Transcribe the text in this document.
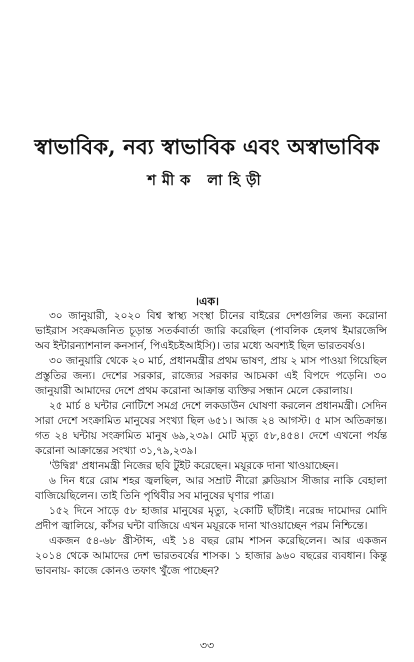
স্বাভাবিক, নব্য স্বাভাবিক এবং অস্বাভাবিক
শমীক লাহিড়ী
।এক।
৩০ জানুয়ারী, ২০২০ বিশ্ব স্বাস্থ্য সংস্থা চীনের বাইরের দেশগুলির জন্য করোনা
ভাইরাস সংক্রমজনিত চূড়ান্ত সতর্কবার্তা জারি করেছিল (পাবলিক হেলথ ইমারজেন্সি
অব ইন্টারন্যাশনাল কনসার্ন, পিএইচইআইসি)। তার মধ্যে অবশ্যই ছিল ভারতবর্ষও।
৩০ জানুয়ারি থেকে ২০ মার্চ, প্রধানমন্ত্রীর প্রথম ভাষণ, প্রায় ২ মাস পাওয়া গিয়েছিল
প্রস্তুতির জন্য। দেশের সরকার, রাজ্যের সরকার আচমকা এই বিপদে পড়েনি। ৩০
জানুয়ারী আমাদের দেশে প্রথম করোনা আক্রান্ত ব্যক্তির সন্ধান মেলে কেরালায়।
২৫ মার্চ ৪ ঘন্টার নোটিশে সমগ্র দেশে লকডাউন ঘোষণা করলেন প্রধানমন্ত্রী। সেদিন
সারা দেশে সংক্রামিত মানুষের সংখ্যা ছিল ৬৫১। আজ ২৪ আগস্ট। ৫ মাস অতিক্রান্ত।
গত ২৪ ঘন্টায় সংক্রামিত মানুষ ৬৯,২৩৯। মোট মৃত্যু ৫৮,৪৫৪। দেশে এখনো পর্যন্ত
করোনা আক্রান্তের সংখ্যা ৩১,৭৯,২৩৯।
'উদ্বিগ্ন' প্রধানমন্ত্রী নিজের ছবি টুইট করেছেন। ময়ূরকে দানা খাওয়াচ্ছেন।
৬ দিন ধরে রোম শহর জ্বলছিল, আর সম্রাট নীরো ক্লডিয়াস সীজার নাকি বেহালা
বাজিয়েছিলেন। তাই তিনি পৃথিবীর সব মানুষের ঘৃণার পাত্র।
১৫২ দিনে সাড়ে ৫৮ হাজার মানুষের মৃত্যু, ২কোটি ছাঁটাই। নরেন্দ্র দামোদর মোদি
প্রদীপ জ্বালিয়ে, কাঁসর ঘন্টা বাজিয়ে এখন ময়ূরকে দানা খাওয়াচ্ছেন পরম নিশ্চিন্তে।
একজন ৫৪-৬৮ খ্রীস্টাব্দ, এই ১৪ বছর রোম শাসন করেছিলেন। আর একজন
২০১৪ থেকে আমাদের দেশ ভারতবর্ষের শাসক। ১ হাজার ৯৬০ বছরের ব্যবধান। কিন্তু
ভাবনায়- কাজে কোনও তফাৎ খুঁজে পাচ্ছেন?
৩৩
